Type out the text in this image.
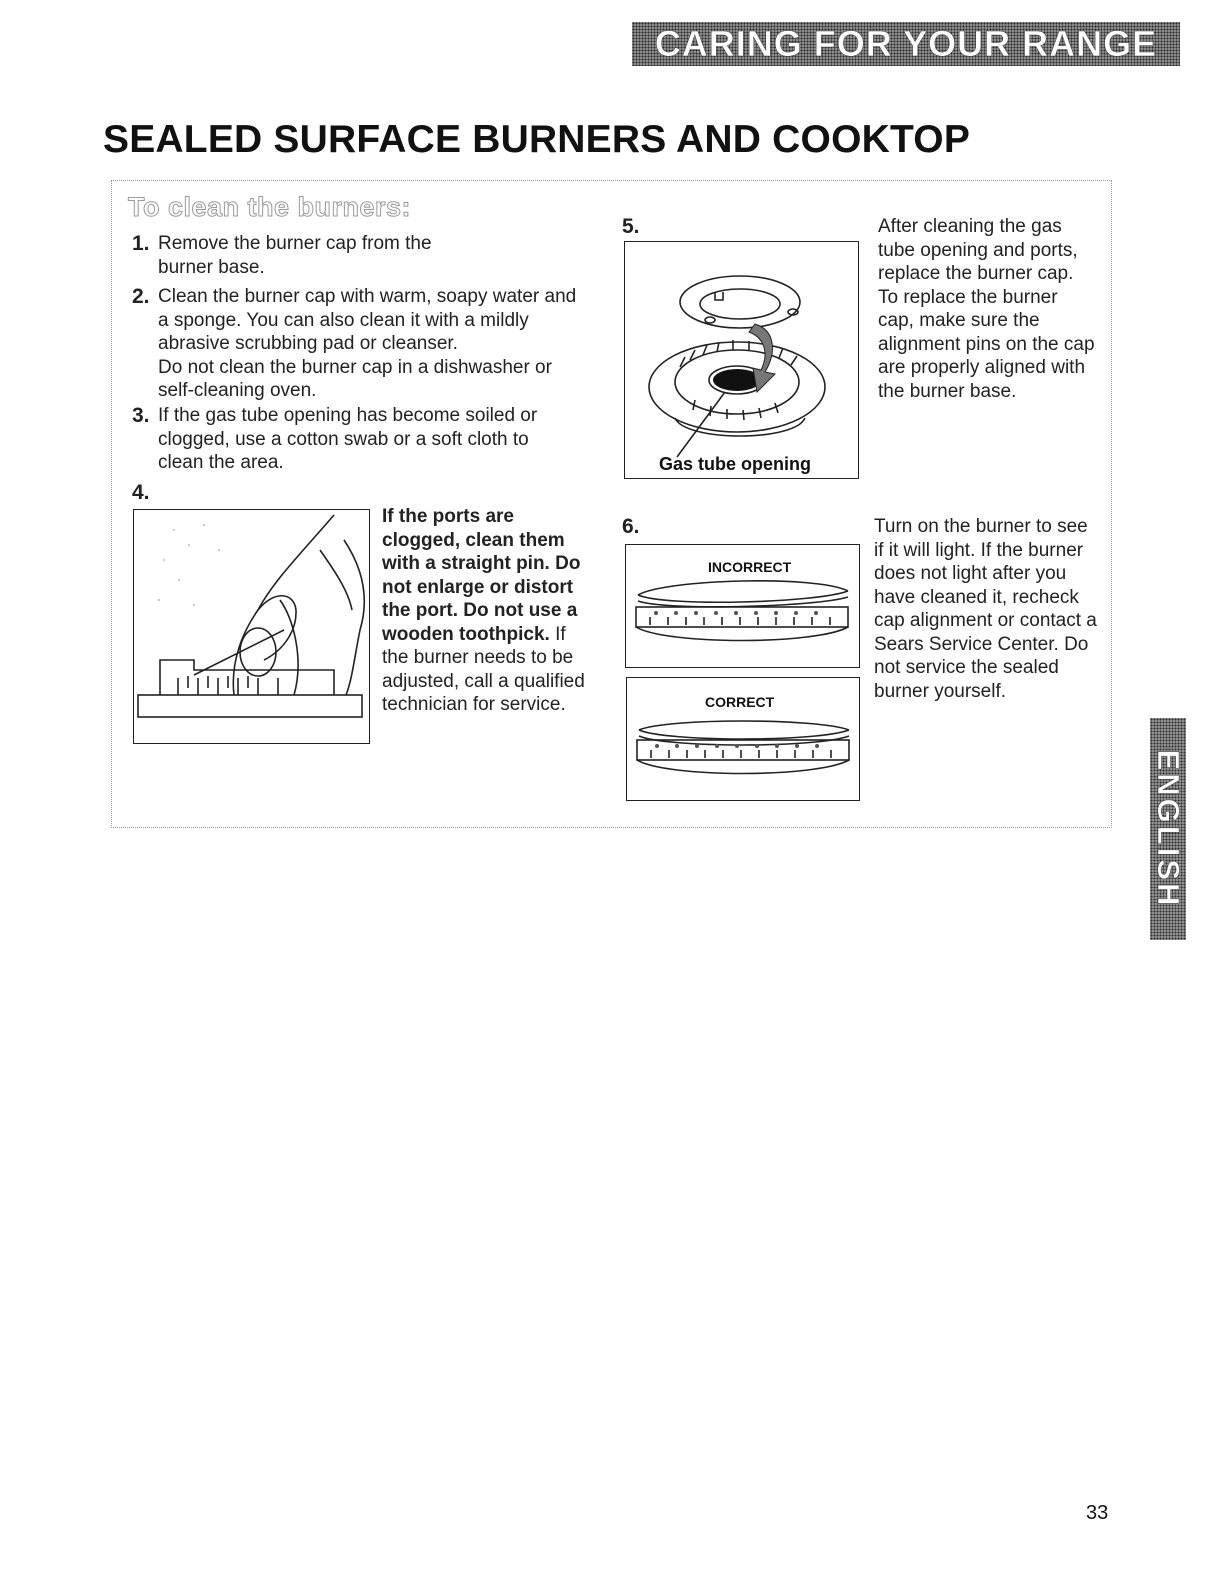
CARING FOR YOUR RANGE
SEALED SURFACE BURNERS AND COOKTOP
To clean the burners:
1. Remove the burner cap from the burner base.
2. Clean the burner cap with warm, soapy water and a sponge. You can also clean it with a mildly abrasive scrubbing pad or cleanser.
Do not clean the burner cap in a dishwasher or self-cleaning oven.
3. If the gas tube opening has become soiled or clogged, use a cotton swab or a soft cloth to clean the area.
4.
If the ports are clogged, clean them with a straight pin. Do not enlarge or distort the port. Do not use a wooden toothpick. If the burner needs to be adjusted, call a qualified technician for service.
5.	After cleaning the gas tube opening and ports, replace the burner cap. To replace the burner cap, make sure the alignment pins on the cap are properly aligned with the burner base.
Gas tube opening
6.	Turn on the burner to see if it will light. If the burner does not light after you have cleaned it, recheck cap alignment or contact a Sears Service Center. Do not service the sealed burner yourself.
INCORRECT
CORRECT
ENGLISH
33
